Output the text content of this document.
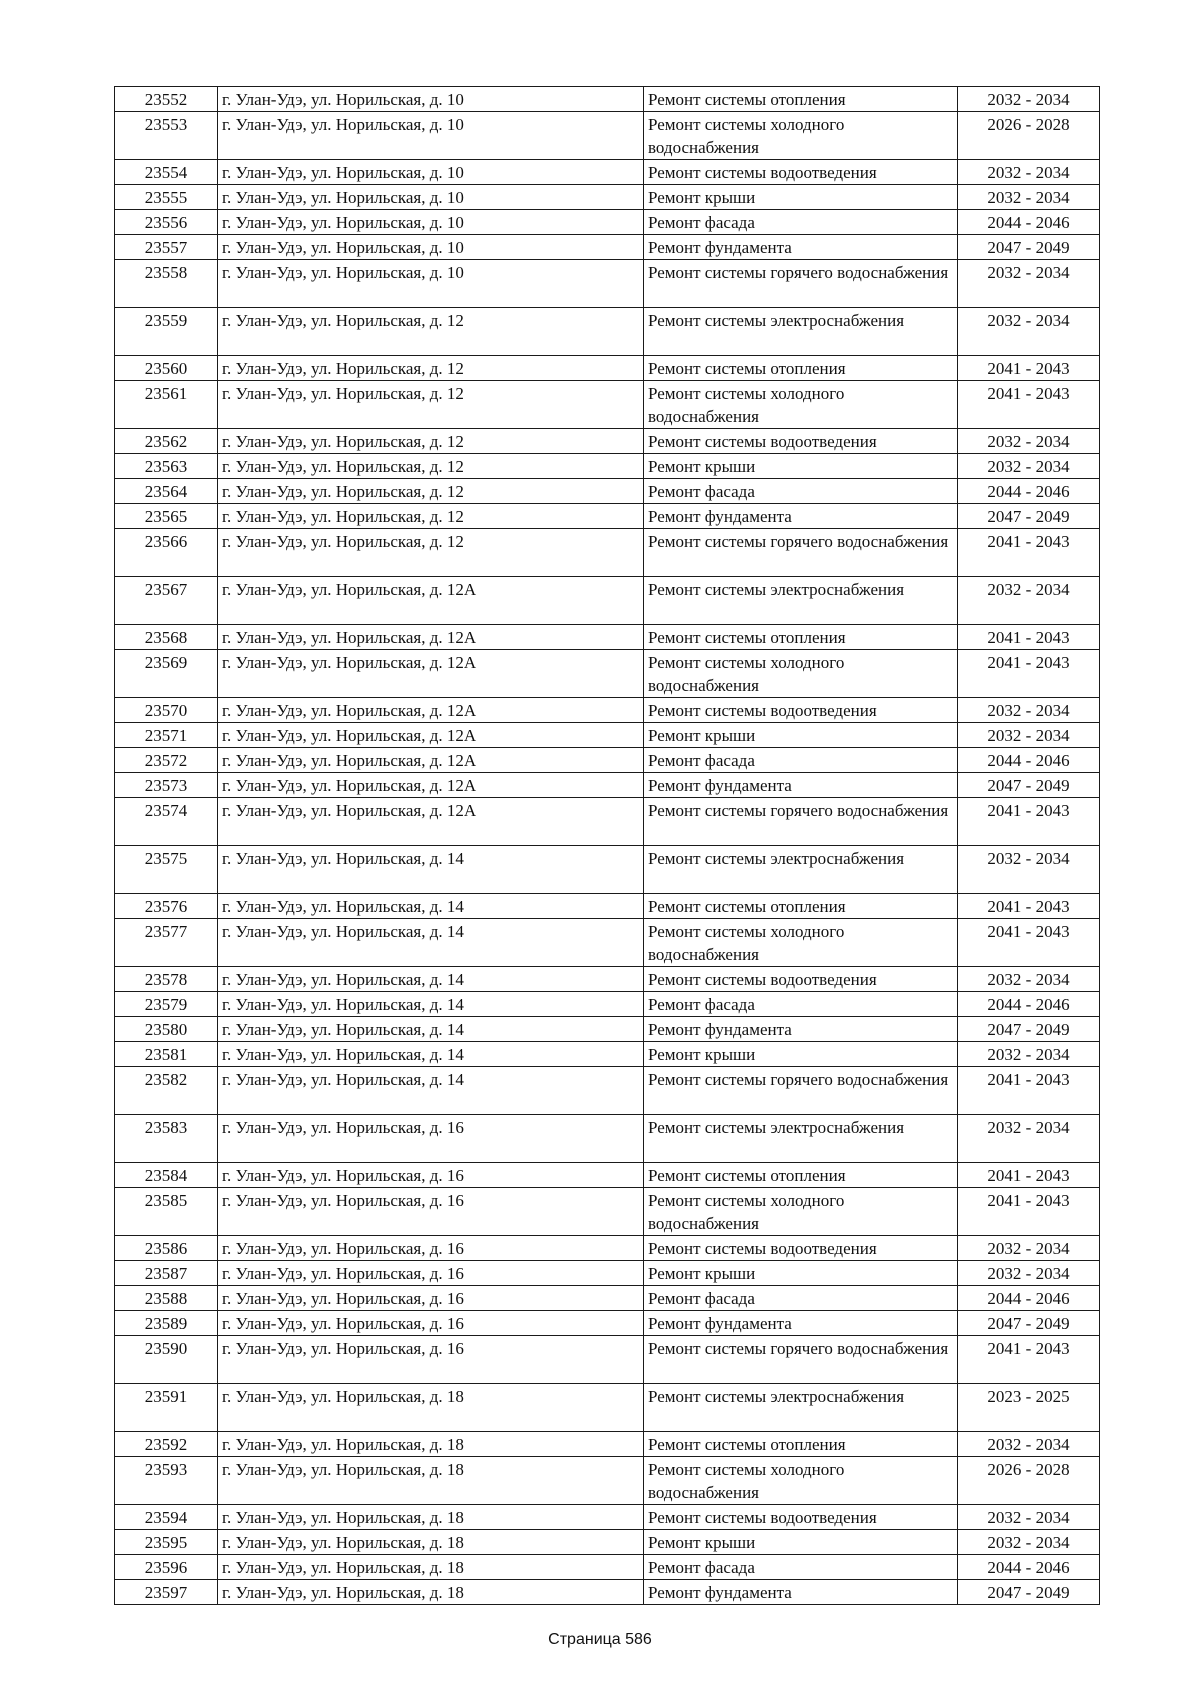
23552	г. Улан-Удэ, ул. Норильская, д. 10	Ремонт системы отопления	2032 - 2034
23553	г. Улан-Удэ, ул. Норильская, д. 10	Ремонт системы холодного водоснабжения	2026 - 2028
23554	г. Улан-Удэ, ул. Норильская, д. 10	Ремонт системы водоотведения	2032 - 2034
23555	г. Улан-Удэ, ул. Норильская, д. 10	Ремонт крыши	2032 - 2034
23556	г. Улан-Удэ, ул. Норильская, д. 10	Ремонт фасада	2044 - 2046
23557	г. Улан-Удэ, ул. Норильская, д. 10	Ремонт фундамента	2047 - 2049
23558	г. Улан-Удэ, ул. Норильская, д. 10	Ремонт системы горячего водоснабжения	2032 - 2034
23559	г. Улан-Удэ, ул. Норильская, д. 12	Ремонт системы электроснабжения	2032 - 2034
23560	г. Улан-Удэ, ул. Норильская, д. 12	Ремонт системы отопления	2041 - 2043
23561	г. Улан-Удэ, ул. Норильская, д. 12	Ремонт системы холодного водоснабжения	2041 - 2043
23562	г. Улан-Удэ, ул. Норильская, д. 12	Ремонт системы водоотведения	2032 - 2034
23563	г. Улан-Удэ, ул. Норильская, д. 12	Ремонт крыши	2032 - 2034
23564	г. Улан-Удэ, ул. Норильская, д. 12	Ремонт фасада	2044 - 2046
23565	г. Улан-Удэ, ул. Норильская, д. 12	Ремонт фундамента	2047 - 2049
23566	г. Улан-Удэ, ул. Норильская, д. 12	Ремонт системы горячего водоснабжения	2041 - 2043
23567	г. Улан-Удэ, ул. Норильская, д. 12А	Ремонт системы электроснабжения	2032 - 2034
23568	г. Улан-Удэ, ул. Норильская, д. 12А	Ремонт системы отопления	2041 - 2043
23569	г. Улан-Удэ, ул. Норильская, д. 12А	Ремонт системы холодного водоснабжения	2041 - 2043
23570	г. Улан-Удэ, ул. Норильская, д. 12А	Ремонт системы водоотведения	2032 - 2034
23571	г. Улан-Удэ, ул. Норильская, д. 12А	Ремонт крыши	2032 - 2034
23572	г. Улан-Удэ, ул. Норильская, д. 12А	Ремонт фасада	2044 - 2046
23573	г. Улан-Удэ, ул. Норильская, д. 12А	Ремонт фундамента	2047 - 2049
23574	г. Улан-Удэ, ул. Норильская, д. 12А	Ремонт системы горячего водоснабжения	2041 - 2043
23575	г. Улан-Удэ, ул. Норильская, д. 14	Ремонт системы электроснабжения	2032 - 2034
23576	г. Улан-Удэ, ул. Норильская, д. 14	Ремонт системы отопления	2041 - 2043
23577	г. Улан-Удэ, ул. Норильская, д. 14	Ремонт системы холодного водоснабжения	2041 - 2043
23578	г. Улан-Удэ, ул. Норильская, д. 14	Ремонт системы водоотведения	2032 - 2034
23579	г. Улан-Удэ, ул. Норильская, д. 14	Ремонт фасада	2044 - 2046
23580	г. Улан-Удэ, ул. Норильская, д. 14	Ремонт фундамента	2047 - 2049
23581	г. Улан-Удэ, ул. Норильская, д. 14	Ремонт крыши	2032 - 2034
23582	г. Улан-Удэ, ул. Норильская, д. 14	Ремонт системы горячего водоснабжения	2041 - 2043
23583	г. Улан-Удэ, ул. Норильская, д. 16	Ремонт системы электроснабжения	2032 - 2034
23584	г. Улан-Удэ, ул. Норильская, д. 16	Ремонт системы отопления	2041 - 2043
23585	г. Улан-Удэ, ул. Норильская, д. 16	Ремонт системы холодного водоснабжения	2041 - 2043
23586	г. Улан-Удэ, ул. Норильская, д. 16	Ремонт системы водоотведения	2032 - 2034
23587	г. Улан-Удэ, ул. Норильская, д. 16	Ремонт крыши	2032 - 2034
23588	г. Улан-Удэ, ул. Норильская, д. 16	Ремонт фасада	2044 - 2046
23589	г. Улан-Удэ, ул. Норильская, д. 16	Ремонт фундамента	2047 - 2049
23590	г. Улан-Удэ, ул. Норильская, д. 16	Ремонт системы горячего водоснабжения	2041 - 2043
23591	г. Улан-Удэ, ул. Норильская, д. 18	Ремонт системы электроснабжения	2023 - 2025
23592	г. Улан-Удэ, ул. Норильская, д. 18	Ремонт системы отопления	2032 - 2034
23593	г. Улан-Удэ, ул. Норильская, д. 18	Ремонт системы холодного водоснабжения	2026 - 2028
23594	г. Улан-Удэ, ул. Норильская, д. 18	Ремонт системы водоотведения	2032 - 2034
23595	г. Улан-Удэ, ул. Норильская, д. 18	Ремонт крыши	2032 - 2034
23596	г. Улан-Удэ, ул. Норильская, д. 18	Ремонт фасада	2044 - 2046
23597	г. Улан-Удэ, ул. Норильская, д. 18	Ремонт фундамента	2047 - 2049
Страница 586
